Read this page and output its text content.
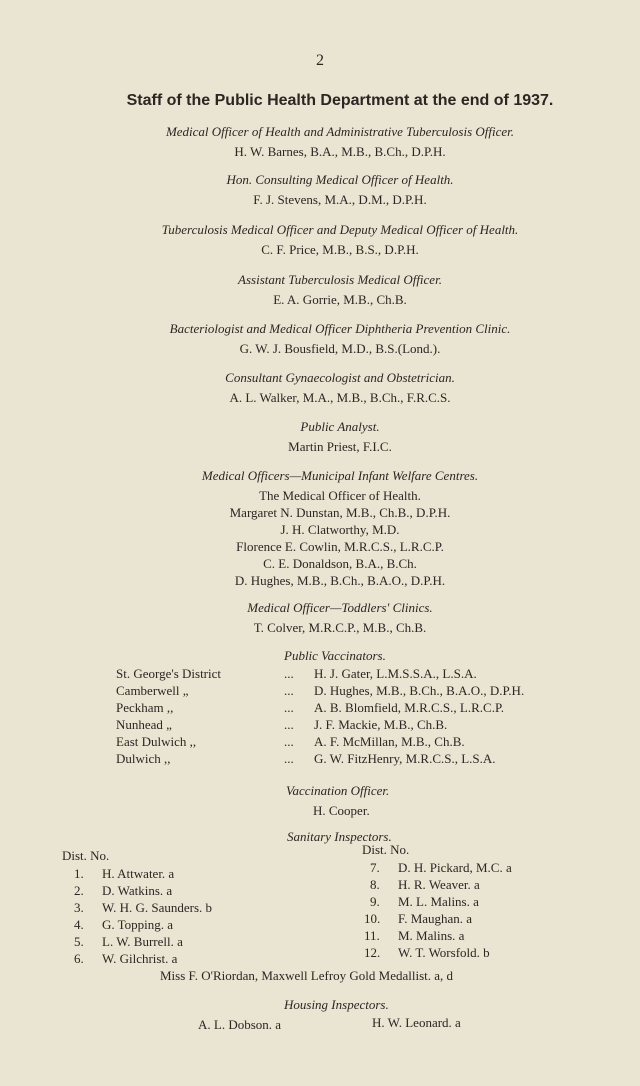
2
Staff of the Public Health Department at the end of 1937.
Medical Officer of Health and Administrative Tuberculosis Officer.
H. W. Barnes, B.A., M.B., B.Ch., D.P.H.
Hon. Consulting Medical Officer of Health.
F. J. Stevens, M.A., D.M., D.P.H.
Tuberculosis Medical Officer and Deputy Medical Officer of Health.
C. F. Price, M.B., B.S., D.P.H.
Assistant Tuberculosis Medical Officer.
E. A. Gorrie, M.B., Ch.B.
Bacteriologist and Medical Officer Diphtheria Prevention Clinic.
G. W. J. Bousfield, M.D., B.S.(Lond.).
Consultant Gynaecologist and Obstetrician.
A. L. Walker, M.A., M.B., B.Ch., F.R.C.S.
Public Analyst.
Martin Priest, F.I.C.
Medical Officers—Municipal Infant Welfare Centres.
The Medical Officer of Health.
Margaret N. Dunstan, M.B., Ch.B., D.P.H.
J. H. Clatworthy, M.D.
Florence E. Cowlin, M.R.C.S., L.R.C.P.
C. E. Donaldson, B.A., B.Ch.
D. Hughes, M.B., B.Ch., B.A.O., D.P.H.
Medical Officer—Toddlers' Clinics.
T. Colver, M.R.C.P., M.B., Ch.B.
Public Vaccinators.
St. George's District	... H. J. Gater, L.M.S.S.A., L.S.A.
Camberwell „	... D. Hughes, M.B., B.Ch., B.A.O., D.P.H.
Peckham ,,	... A. B. Blomfield, M.R.C.S., L.R.C.P.
Nunhead „	... J. F. Mackie, M.B., Ch.B.
East Dulwich ,,	... A. F. McMillan, M.B., Ch.B.
Dulwich ,,	... G. W. FitzHenry, M.R.C.S., L.S.A.
Vaccination Officer.
H. Cooper.
Sanitary Inspectors.
Dist. No.	Dist. No.
1. H. Attwater. a
2. D. Watkins. a
3. W. H. G. Saunders. b
4. G. Topping. a
5. L. W. Burrell. a
6. W. Gilchrist. a
7. D. H. Pickard, M.C. a
8. H. R. Weaver. a
9. M. L. Malins. a
10. F. Maughan. a
11. M. Malins. a
12. W. T. Worsfold. b
Miss F. O'Riordan, Maxwell Lefroy Gold Medallist. a, d
Housing Inspectors.
A. L. Dobson. a	H. W. Leonard. a
